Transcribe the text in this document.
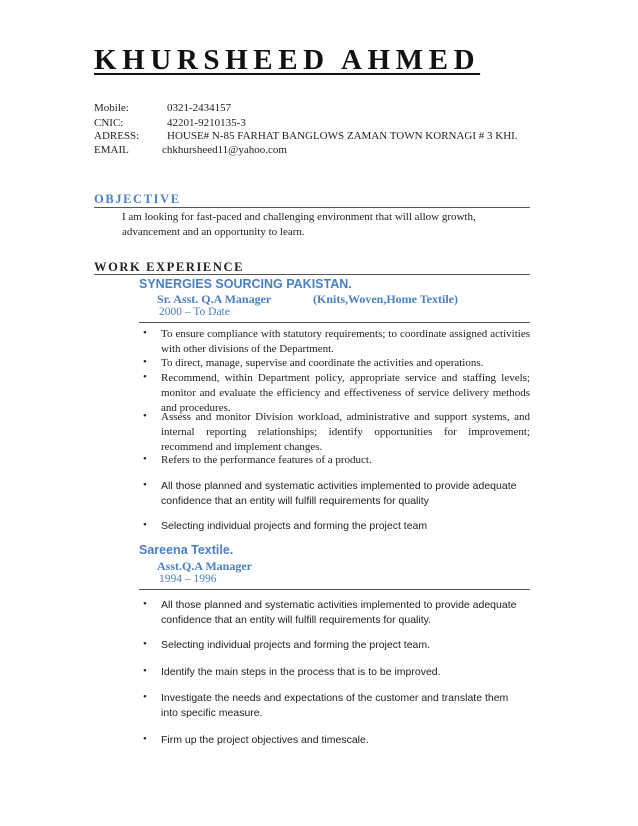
KHURSHEED AHMED
Mobile:	0321-2434157
CNIC:	42201-9210135-3
ADRESS:	HOUSE# N-85 FARHAT BANGLOWS ZAMAN TOWN KORNAGI # 3 KHI.
EMAIL	chkhursheed11@yahoo.com
OBJECTIVE
I am looking for fast-paced and challenging environment that will allow growth,
advancement and an opportunity to learn.
WORK EXPERIENCE
SYNERGIES SOURCING PAKISTAN.
Sr. Asst. Q.A Manager	(Knits,Woven,Home Textile)
2000 – To Date
• To ensure compliance with statutory requirements; to coordinate assigned activities with other divisions of the Department.
• To direct, manage, supervise and coordinate the activities and operations.
• Recommend, within Department policy, appropriate service and staffing levels; monitor and evaluate the efficiency and effectiveness of service delivery methods and procedures.
• Assess and monitor Division workload, administrative and support systems, and internal reporting relationships; identify opportunities for improvement; recommend and implement changes.
• Refers to the performance features of a product.
• All those planned and systematic activities implemented to provide adequate confidence that an entity will fulfill requirements for quality
• Selecting individual projects and forming the project team
Sareena Textile.
Asst.Q.A Manager
1994 – 1996
• All those planned and systematic activities implemented to provide adequate confidence that an entity will fulfill requirements for quality.
• Selecting individual projects and forming the project team.
• Identify the main steps in the process that is to be improved.
• Investigate the needs and expectations of the customer and translate them into specific measure.
• Firm up the project objectives and timescale.
